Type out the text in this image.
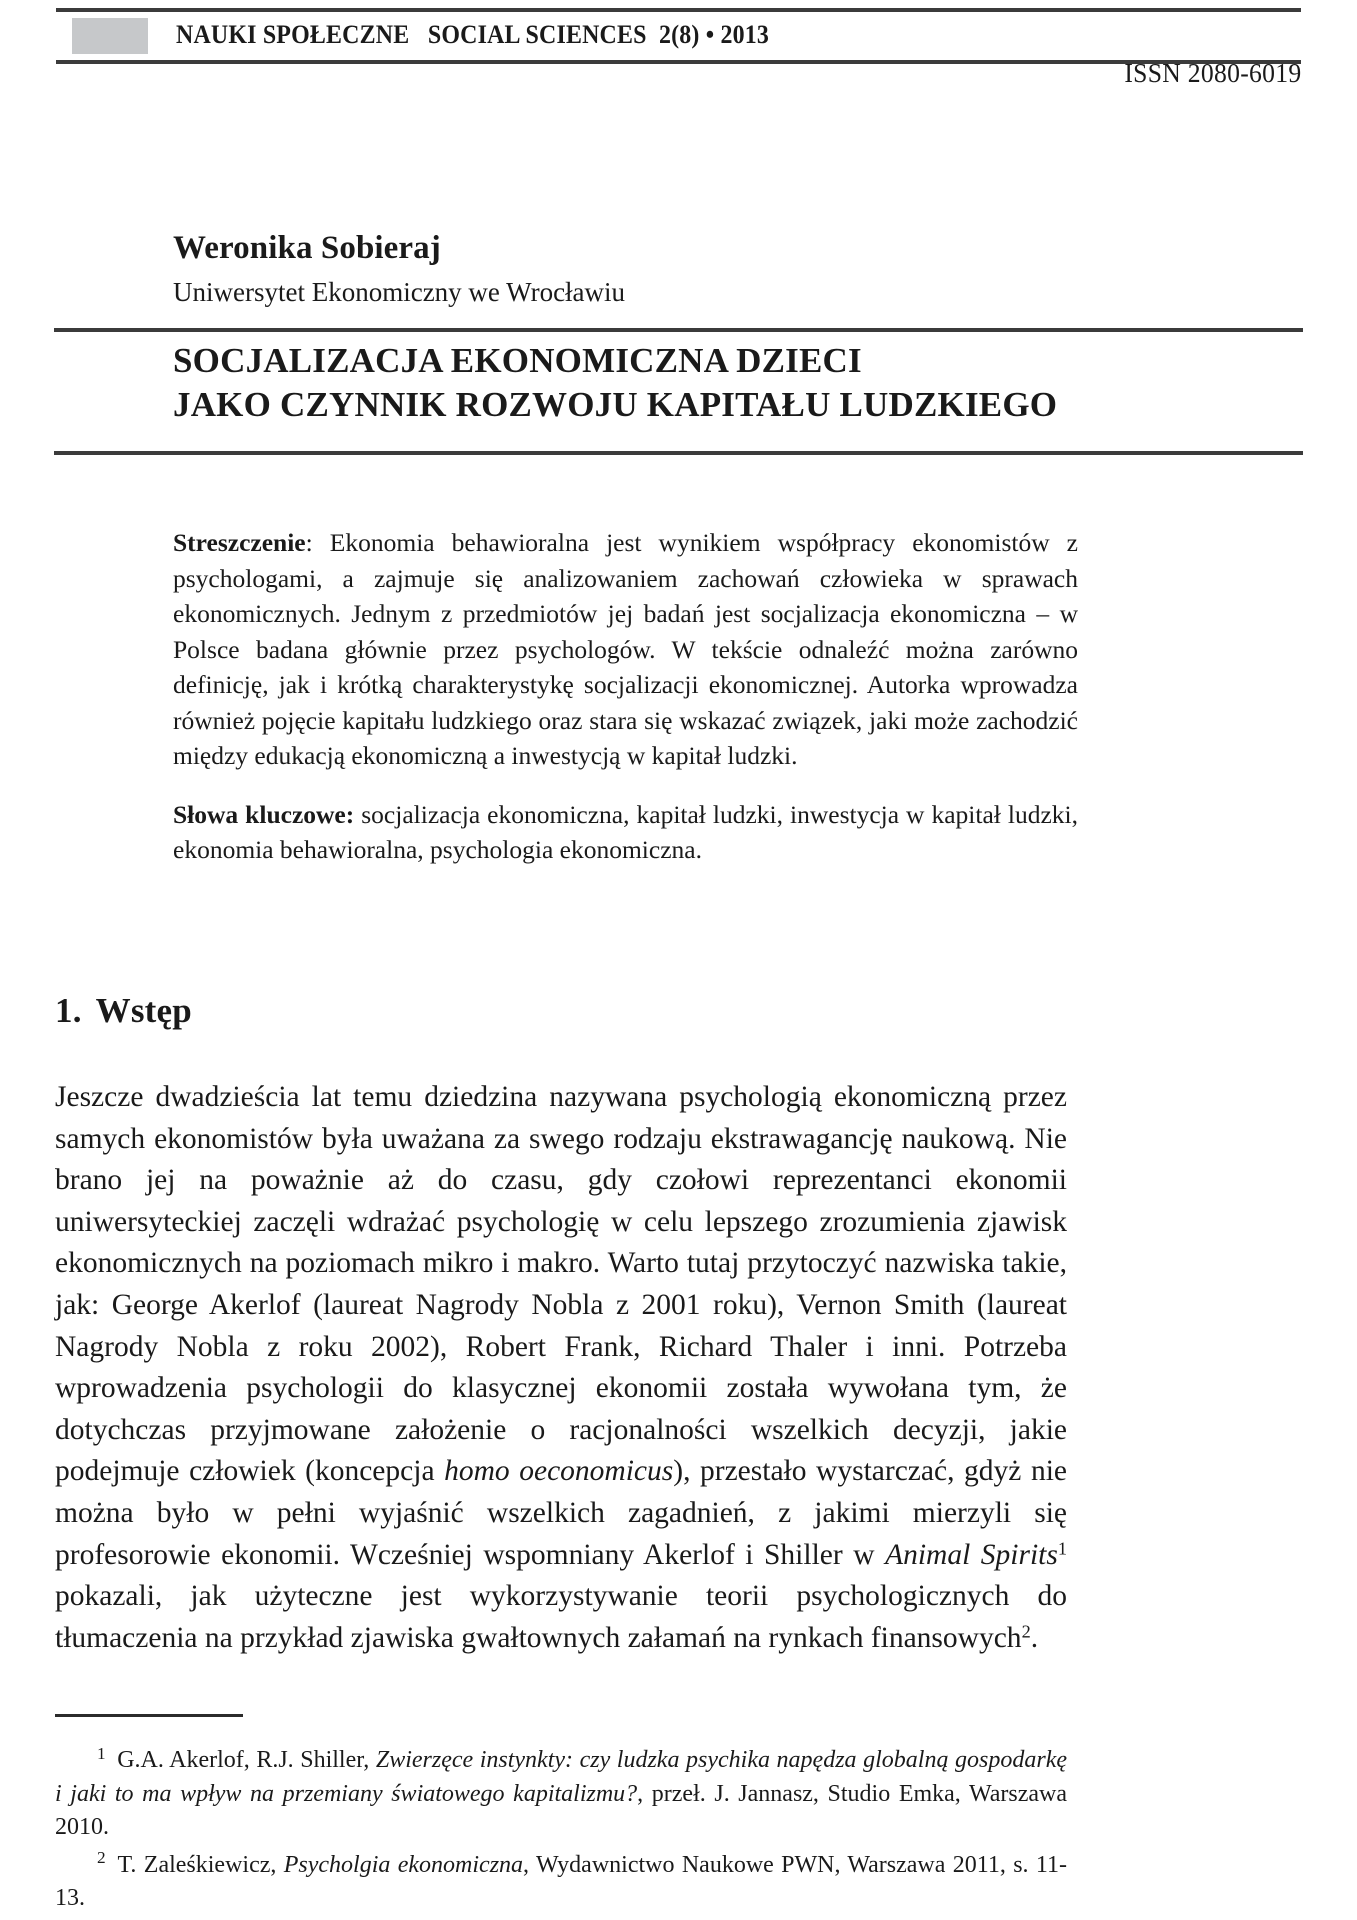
NAUKI SPOŁECZNE   SOCIAL SCIENCES  2(8) • 2013
ISSN 2080-6019
Weronika Sobieraj
Uniwersytet Ekonomiczny we Wrocławiu
SOCJALIZACJA EKONOMICZNA DZIECI
JAKO CZYNNIK ROZWOJU KAPITAŁU LUDZKIEGO

Streszczenie: Ekonomia behawioralna jest wynikiem współpracy ekonomistów z psychologami, a zajmuje się analizowaniem zachowań człowieka w sprawach ekonomicznych. Jednym z przedmiotów jej badań jest socjalizacja ekonomiczna – w Polsce badana głównie przez psychologów. W tekście odnaleźć można zarówno definicję, jak i krótką charakterystykę socjalizacji ekonomicznej. Autorka wprowadza również pojęcie kapitału ludzkiego oraz stara się wskazać związek, jaki może zachodzić między edukacją ekonomiczną a inwestycją w kapitał ludzki.

Słowa kluczowe: socjalizacja ekonomiczna, kapitał ludzki, inwestycja w kapitał ludzki, ekonomia behawioralna, psychologia ekonomiczna.

1. Wstęp

Jeszcze dwadzieścia lat temu dziedzina nazywana psychologią ekonomiczną przez samych ekonomistów była uważana za swego rodzaju ekstrawagancję naukową. Nie brano jej na poważnie aż do czasu, gdy czołowi reprezentanci ekonomii uniwersyteckiej zaczęli wdrażać psychologię w celu lepszego zrozumienia zjawisk ekonomicznych na poziomach mikro i makro. Warto tutaj przytoczyć nazwiska takie, jak: George Akerlof (laureat Nagrody Nobla z 2001 roku), Vernon Smith (laureat Nagrody Nobla z roku 2002), Robert Frank, Richard Thaler i inni. Potrzeba wprowadzenia psychologii do klasycznej ekonomii została wywołana tym, że dotychczas przyjmowane założenie o racjonalności wszelkich decyzji, jakie podejmuje człowiek (koncepcja homo oeconomicus), przestało wystarczać, gdyż nie można było w pełni wyjaśnić wszelkich zagadnień, z jakimi mierzyli się profesorowie ekonomii. Wcześniej wspomniany Akerlof i Shiller w Animal Spirits$^1$ pokazali, jak użyteczne jest wykorzystywanie teorii psychologicznych do tłumaczenia na przykład zjawiska gwałtownych załamań na rynkach finansowych$^2$.

$^1$ G.A. Akerlof, R.J. Shiller, Zwierzęce instynkty: czy ludzka psychika napędza globalną gospodarkę i jaki to ma wpływ na przemiany światowego kapitalizmu?, przeł. J. Jannasz, Studio Emka, Warszawa 2010.

$^2$ T. Zaleśkiewicz, Psycholgia ekonomiczna, Wydawnictwo Naukowe PWN, Warszawa 2011, s. 11-13.
